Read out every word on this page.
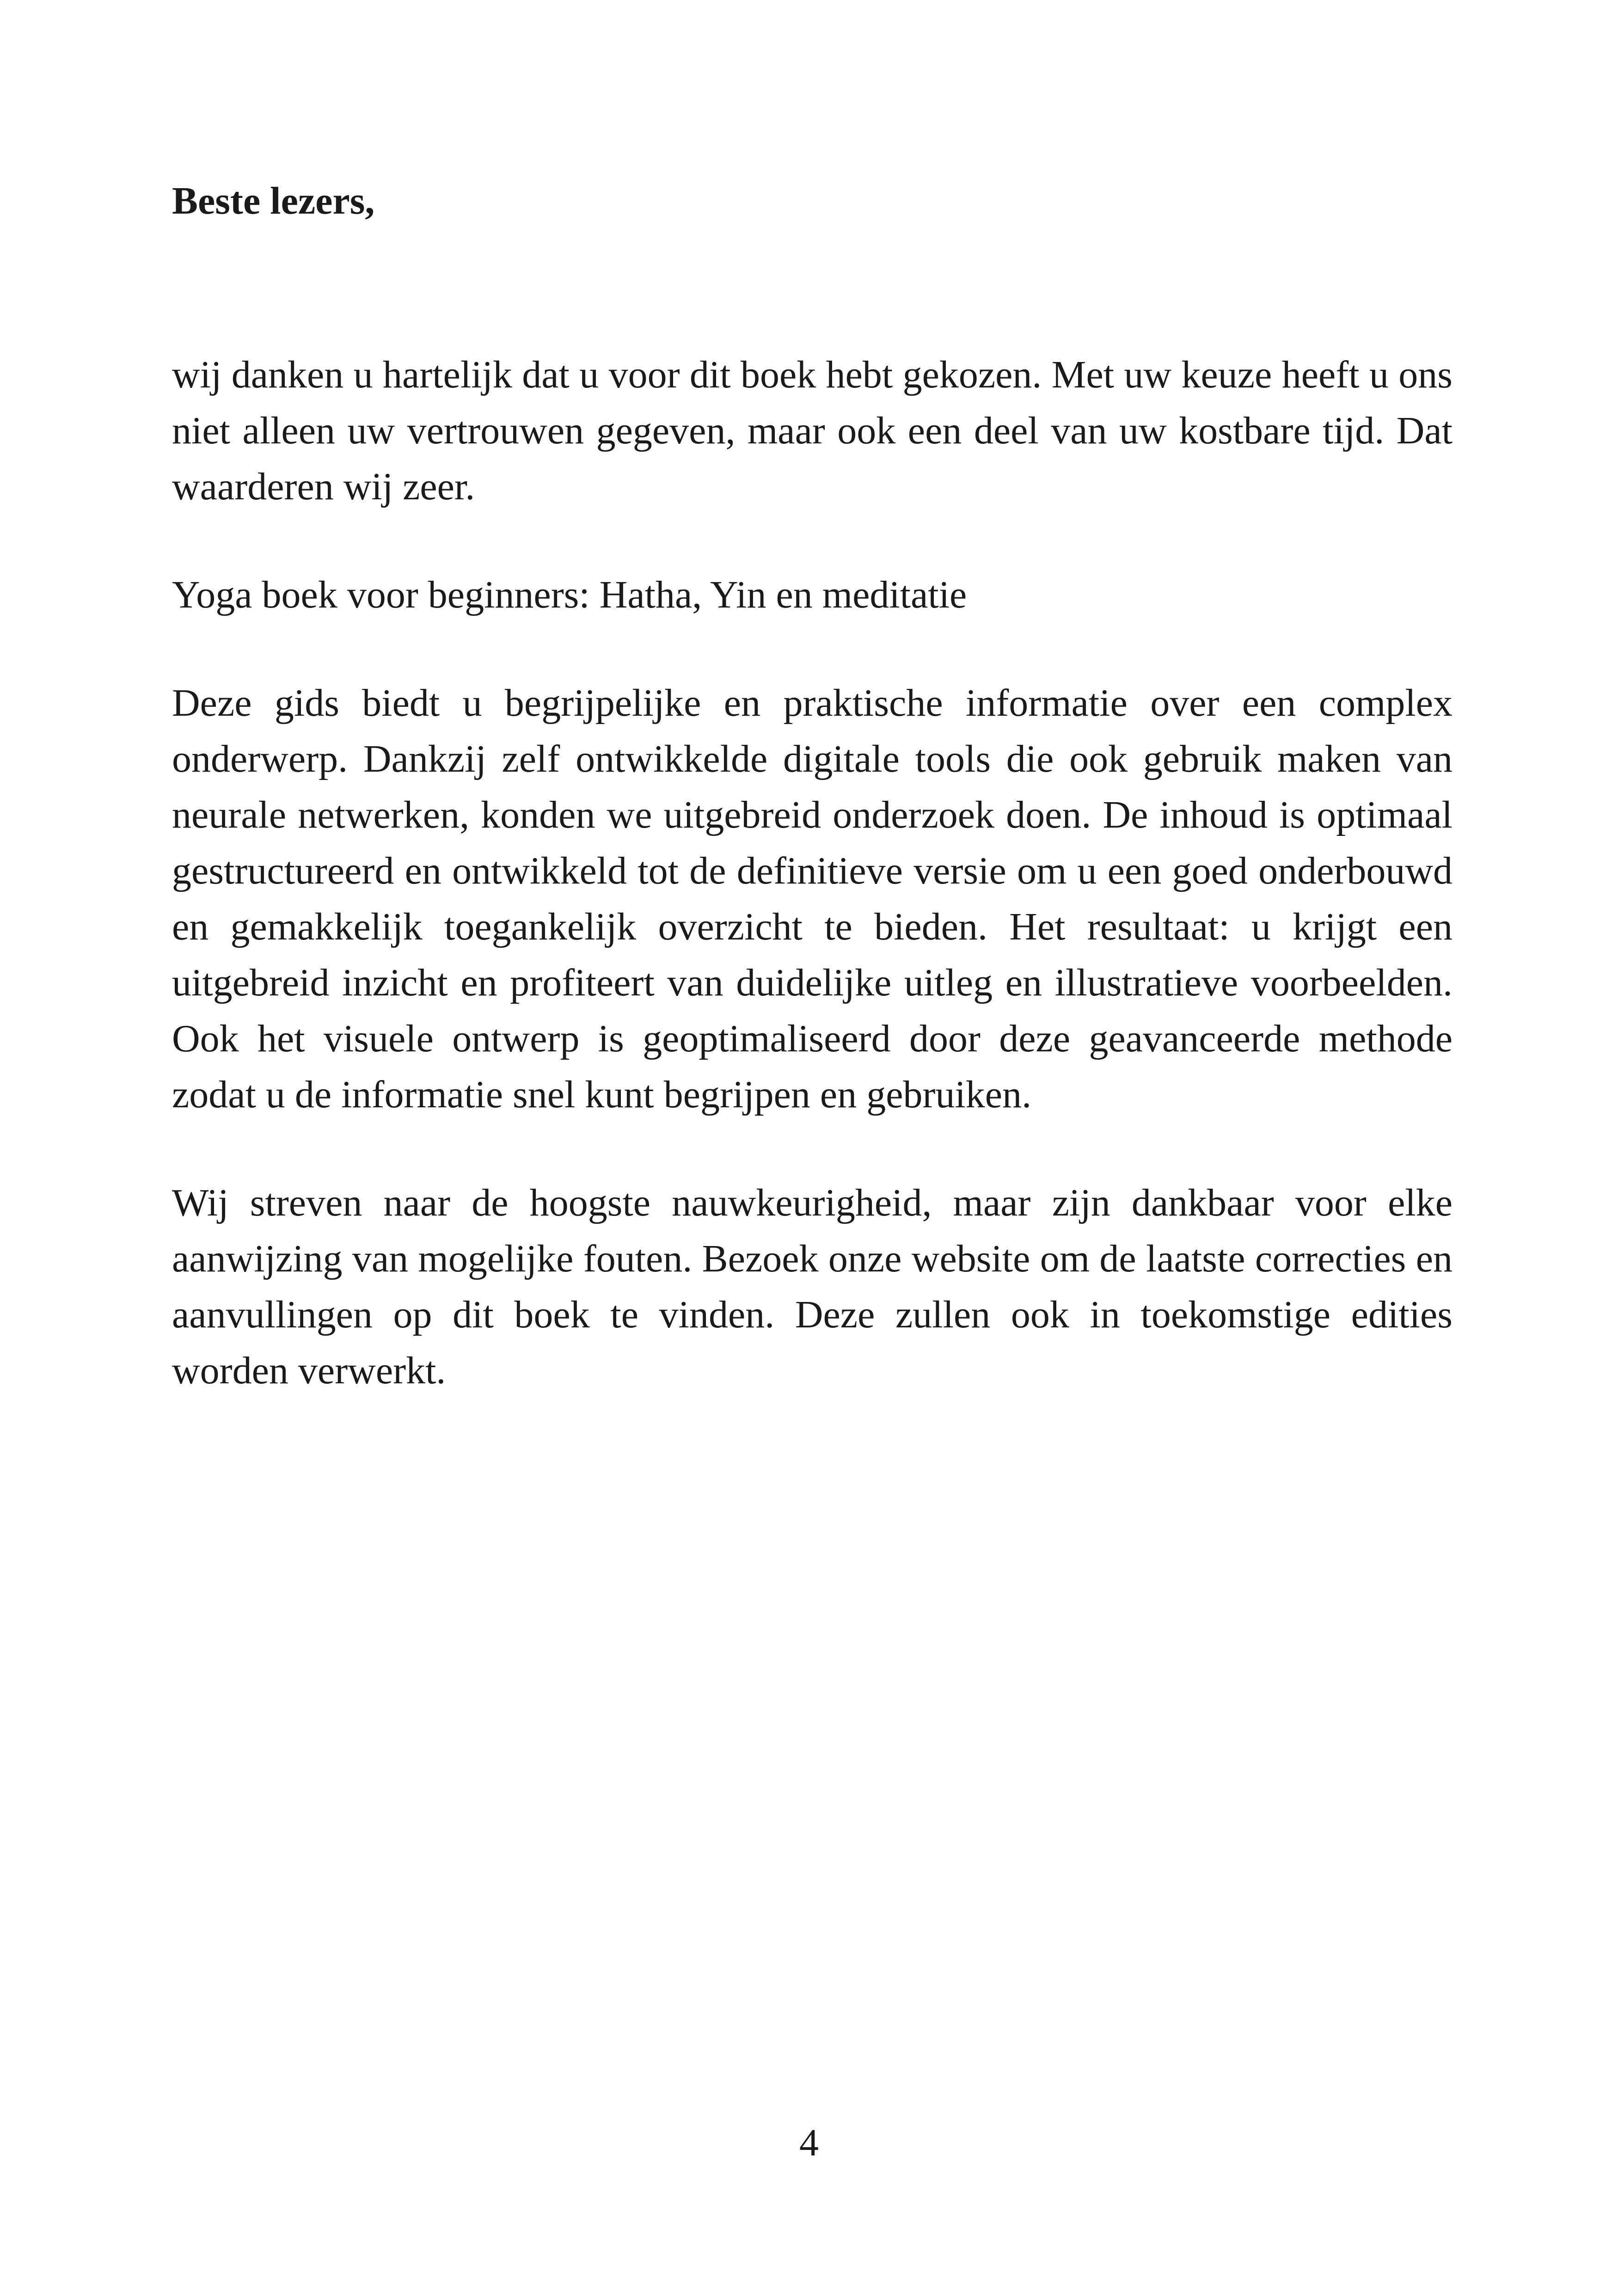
Beste lezers,

wij danken u hartelijk dat u voor dit boek hebt gekozen. Met uw keuze heeft u ons niet alleen uw vertrouwen gegeven, maar ook een deel van uw kostbare tijd. Dat waarderen wij zeer.

Yoga boek voor beginners: Hatha, Yin en meditatie

Deze gids biedt u begrijpelijke en praktische informatie over een complex onderwerp. Dankzij zelf ontwikkelde digitale tools die ook gebruik maken van neurale netwerken, konden we uitgebreid onderzoek doen. De inhoud is optimaal gestructureerd en ontwikkeld tot de definitieve versie om u een goed onderbouwd en gemakkelijk toegankelijk overzicht te bieden. Het resultaat: u krijgt een uitgebreid inzicht en profiteert van duidelijke uitleg en illustratieve voorbeelden. Ook het visuele ontwerp is geoptimaliseerd door deze geavanceerde methode zodat u de informatie snel kunt begrijpen en gebruiken.

Wij streven naar de hoogste nauwkeurigheid, maar zijn dankbaar voor elke aanwijzing van mogelijke fouten. Bezoek onze website om de laatste correcties en aanvullingen op dit boek te vinden. Deze zullen ook in toekomstige edities worden verwerkt.

4
